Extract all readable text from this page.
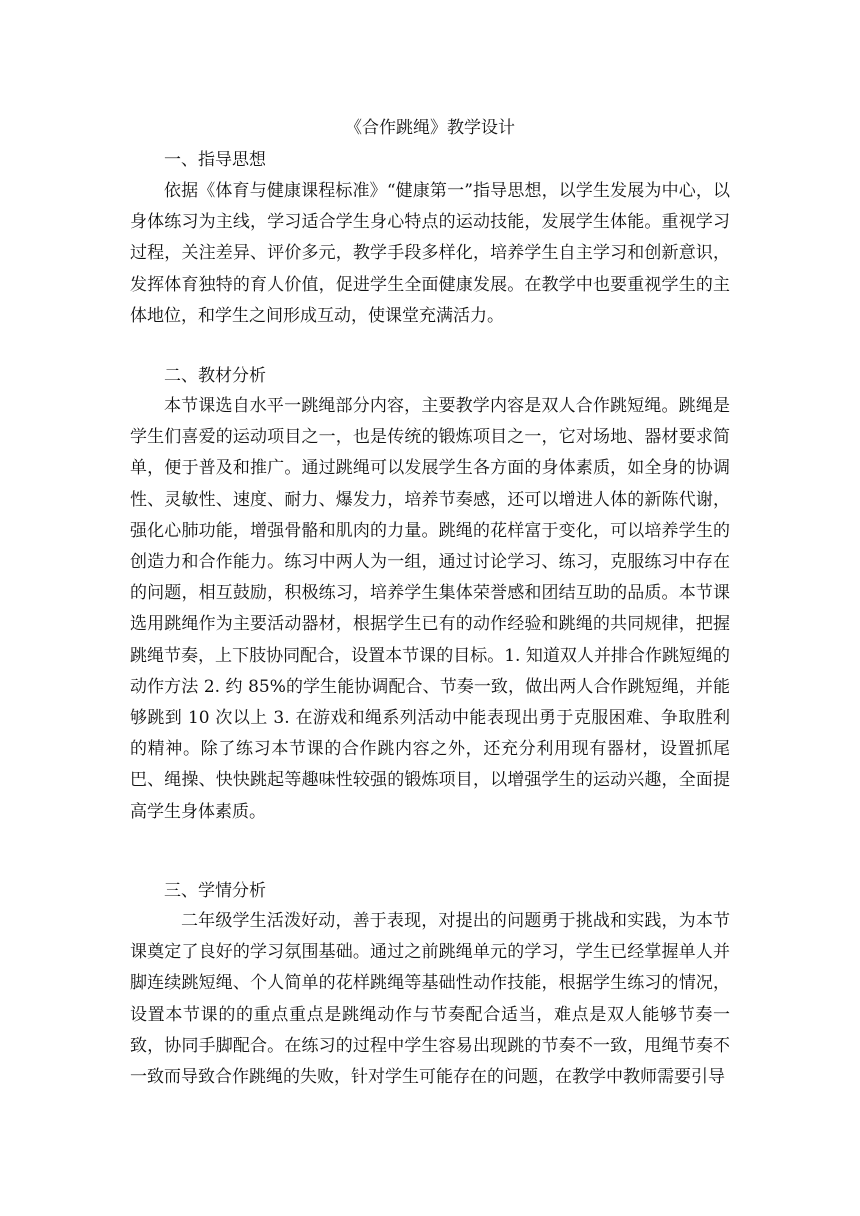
《合作跳绳》教学设计
一、指导思想

依据《体育与健康课程标准》“健康第一”指导思想，以学生发展为中心，以身体练习为主线，学习适合学生身心特点的运动技能，发展学生体能。重视学习过程，关注差异、评价多元，教学手段多样化，培养学生自主学习和创新意识，发挥体育独特的育人价值，促进学生全面健康发展。在教学中也要重视学生的主体地位，和学生之间形成互动，使课堂充满活力。

二、教材分析

本节课选自水平一跳绳部分内容，主要教学内容是双人合作跳短绳。跳绳是学生们喜爱的运动项目之一，也是传统的锻炼项目之一，它对场地、器材要求简单，便于普及和推广。通过跳绳可以发展学生各方面的身体素质，如全身的协调性、灵敏性、速度、耐力、爆发力，培养节奏感，还可以增进人体的新陈代谢，强化心肺功能，增强骨骼和肌肉的力量。跳绳的花样富于变化，可以培养学生的创造力和合作能力。练习中两人为一组，通过讨论学习、练习，克服练习中存在的问题，相互鼓励，积极练习，培养学生集体荣誉感和团结互助的品质。本节课选用跳绳作为主要活动器材，根据学生已有的动作经验和跳绳的共同规律，把握跳绳节奏，上下肢协同配合，设置本节课的目标。1. 知道双人并排合作跳短绳的动作方法 2. 约 85%的学生能协调配合、节奏一致，做出两人合作跳短绳，并能够跳到 10 次以上 3. 在游戏和绳系列活动中能表现出勇于克服困难、争取胜利的精神。除了练习本节课的合作跳内容之外，还充分利用现有器材，设置抓尾巴、绳操、快快跳起等趣味性较强的锻炼项目，以增强学生的运动兴趣，全面提高学生身体素质。

三、学情分析

二年级学生活泼好动，善于表现，对提出的问题勇于挑战和实践，为本节课奠定了良好的学习氛围基础。通过之前跳绳单元的学习，学生已经掌握单人并脚连续跳短绳、个人简单的花样跳绳等基础性动作技能，根据学生练习的情况，设置本节课的的重点重点是跳绳动作与节奏配合适当，难点是双人能够节奏一致，协同手脚配合。在练习的过程中学生容易出现跳的节奏不一致，甩绳节奏不一致而导致合作跳绳的失败，针对学生可能存在的问题，在教学中教师需要引导
